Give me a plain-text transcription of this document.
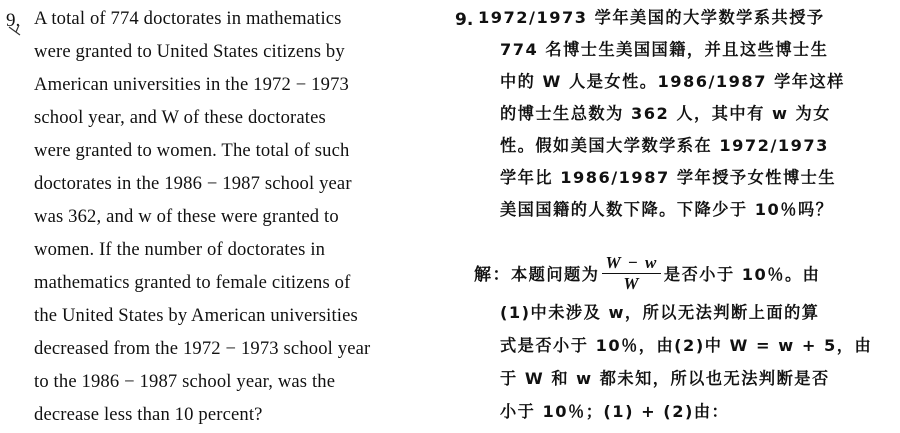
9. A total of 774 doctorates in mathematics
were granted to United States citizens by
American universities in the 1972 − 1973
school year, and W of these doctorates
were granted to women. The total of such
doctorates in the 1986 − 1987 school year
was 362, and w of these were granted to
women. If the number of doctorates in
mathematics granted to female citizens of
the United States by American universities
decreased from the 1972 − 1973 school year
to the 1986 − 1987 school year, was the
decrease less than 10 percent?
9. 1972/1973 学年美国的大学数学系共授予
774 名博士生美国国籍，并且这些博士生
中的 W 人是女性。1986/1987 学年这样
的博士生总数为 362 人，其中有 w 为女
性。假如美国大学数学系在 1972/1973
学年比 1986/1987 学年授予女性博士生
美国国籍的人数下降。下降少于 10％吗？
解：本题问题为 $\frac{W - w}{W}$ 是否小于 10％。由
(1)中未涉及 w，所以无法判断上面的算
式是否小于 10％，由(2)中 W = w + 5，由
于 W 和 w 都未知，所以也无法判断是否
小于 10％；(1) + (2)由：
